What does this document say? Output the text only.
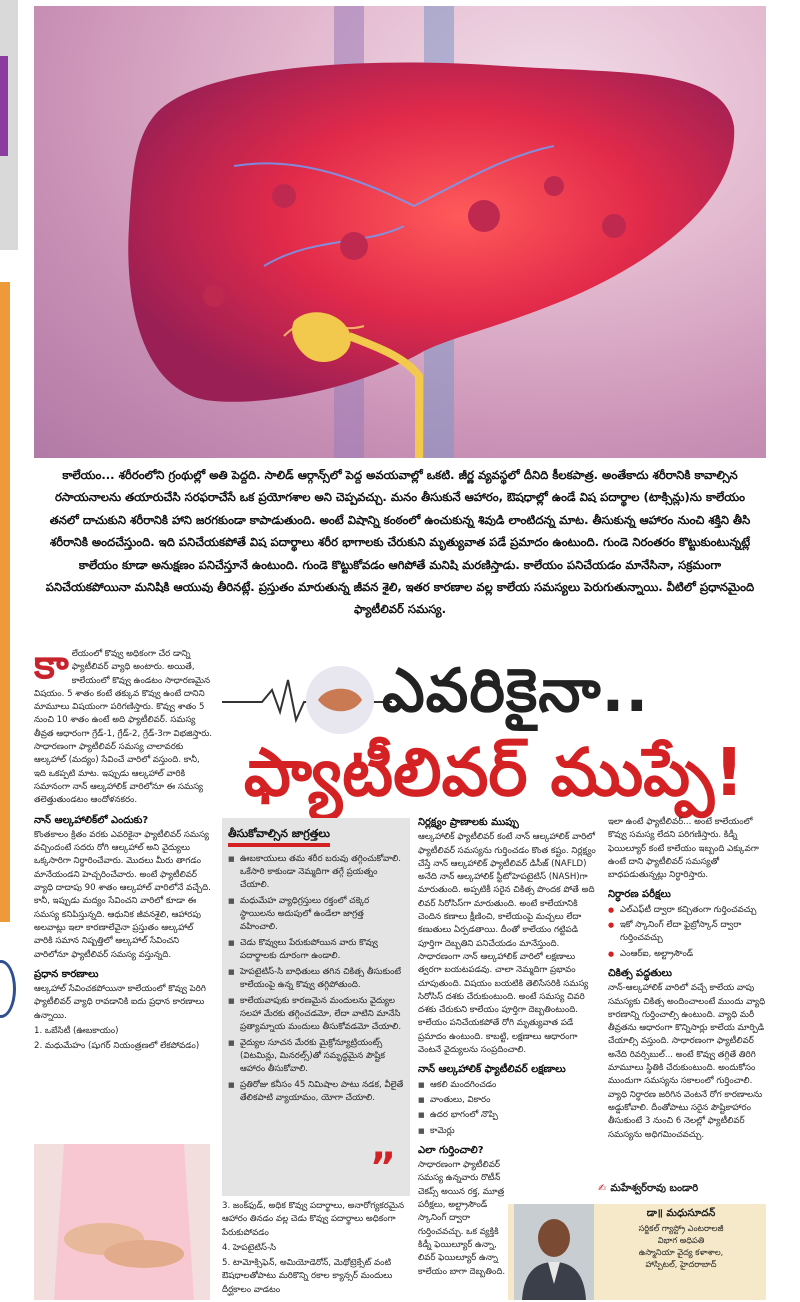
కాలేయం... శరీరంలోని గ్రంథుల్లో అతి పెద్దది. సాలిడ్ ఆర్గాన్స్‌లో పెద్ద అవయవాల్లో ఒకటి. జీర్ణ వ్యవస్థలో దీనిది కీలకపాత్ర. అంతేకాదు శరీరానికి కావాల్సిన రసాయనాలను తయారుచేసి సరఫరాచేసే ఒక ప్రయోగశాల అని చెప్పవచ్చు. మనం తీసుకునే ఆహారం, ఔషధాల్లో ఉండే విష పదార్థాల (టాక్సిన్లు)ను కాలేయం తనలో దాచుకుని శరీరానికి హాని జరగకుండా కాపాడుతుంది. అంటే విషాన్ని కంఠంలో ఉంచుకున్న శివుడి లాంటిదన్న మాట. తీసుకున్న ఆహారం నుంచి శక్తిని తీసి శరీరానికి అందచేస్తుంది. ఇది పనిచేయకపోతే విష పదార్థాలు శరీర భాగాలకు చేరుకుని మృత్యువాత పడే ప్రమాదం ఉంటుంది. గుండె నిరంతరం కొట్టుకుంటున్నట్లే కాలేయం కూడా అనుక్షణం పనిచేస్తూనే ఉంటుంది. గుండె కొట్టుకోవడం ఆగిపోతే మనిషి మరణిస్తాడు. కాలేయం పనిచేయడం మానేసినా, సక్రమంగా పనిచేయకపోయినా మనిషికి ఆయువు తీరినట్లే. ప్రస్తుతం మారుతున్న జీవన శైలి, ఇతర కారణాల వల్ల కాలేయ సమస్యలు పెరుగుతున్నాయి. వీటిలో ప్రధానమైంది ఫ్యాటీలివర్ సమస్య.

కాలేయంలో కొవ్వు అధికంగా చేర డాన్ని ఫ్యాటీలివర్ వ్యాధి అంటారు. అయితే, కాలేయంలో కొవ్వు ఉండటం సాధారణమైన విషయం. 5 శాతం కంటే తక్కువ కొవ్వు ఉంటే దానిని మామూలు విషయంగా పరిగణిస్తారు. కొవ్వు శాతం 5 నుంచి 10 శాతం ఉంటే అది ఫ్యాటీలివర్. సమస్య తీవ్రత ఆధారంగా గ్రేడ్-1, గ్రేడ్-2, గ్రేడ్-3గా విభజిస్తారు. సాధారణంగా ఫ్యాటీలివర్ సమస్య చాలావరకు ఆల్కహాల్ (మద్యం) సేవించే వారిలో వస్తుంది. కానీ, ఇది ఒకప్పటి మాట. ఇప్పుడు ఆల్కహాల్ వారికి సమానంగా నాన్ ఆల్కహాలిక్ వారిలోనూ ఈ సమస్య తలెత్తుతుండటం ఆందోళనకరం.

నాన్ ఆల్కహాలిక్‌లో ఎందుకు?

కొంతకాలం క్రితం వరకు ఎవరికైనా ఫ్యాటీలివర్ సమస్య వచ్చిందంటే సదరు రోగి ఆల్కహాల్ అని వైద్యులు ఒక్కసారిగా నిర్ధారించేవారు. మొదలు మీరు తాగడం మానేయండని హెచ్చరించేవారు. అంటే ఫ్యాటీలివర్ వ్యాధి దాదాపు 90 శాతం ఆల్కహాల్ వారిలోనే వచ్చేది. కానీ, ఇప్పుడు మద్యం సేవించని వారిలో కూడా ఈ సమస్య కనిపిస్తున్నది. ఆధునిక జీవనశైలి, ఆహారపు అలవాట్లు ఇలా కారణాలేవైనా ప్రస్తుతం ఆల్కహాల్ వారికి సమాన నిష్పత్తిలో ఆల్కహాల్ సేవించని వారిలోనూ ఫ్యాటీలివర్ సమస్య వస్తున్నది.

ప్రధాన కారణాలు

ఆల్కహాల్ సేవించకపోయినా కాలేయంలో కొవ్వు పెరిగి ఫ్యాటీలివర్ వ్యాధి రావడానికి ఐదు ప్రధాన కారణాలు ఉన్నాయి.

1. ఒబేసిటీ (ఊబకాయం)

2. మధుమేహం (షుగర్ నియంత్రణలో లేకపోవడం)

ఎవరికైనా..
ఫ్యాటీలివర్ ముప్పే!
తీసుకోవాల్సిన జాగ్రత్తలు
■ ఊబకాయులు తమ శరీర బరువు తగ్గించుకోవాలి. ఒకేసారి కాకుండా నెమ్మదిగా తగ్గే ప్రయత్నం చేయాలి.
■ మధుమేహ వ్యాధిగ్రస్తులు రక్తంలో చక్కెర స్థాయిలను అదుపులో ఉండేలా జాగ్రత్త వహించాలి.
■ చెడు కొవ్వులు పేరుకుపోయిన వారు కొవ్వు పదార్థాలకు దూరంగా ఉండాలి.
■ హెపటైటిస్-సి బాధితులు తగిన చికిత్స తీసుకుంటే కాలేయంపై ఉన్న కొవ్వు తగ్గిపోతుంది.
■ కాలేయవాపుకు కారణమైన మందులను వైద్యుల సలహా మేరకు తగ్గించడమో, లేదా వాటిని మానేసి ప్రత్యామ్నాయ మందులు తీసుకోవడమో చేయాలి.
■ వైద్యుల సూచన మేరకు మైక్రోన్యూట్రియంట్స్ (విటమిన్లు, మినరల్స్)తో సమృద్ధమైన పౌష్టిక ఆహారం తీసుకోవాలి.
■ ప్రతిరోజు కనీసం 45 నిమిషాల పాటు నడక, వీలైతే తేలికపాటి వ్యాయామం, యోగా చేయాలి.
”

3. జంక్‌ఫుడ్, అధిక కొవ్వు పదార్థాలు, అనారోగ్యకరమైన ఆహారం తినడం వల్ల చెడు కొవ్వు పదార్థాలు అధికంగా పేరుకుపోవడం

4. హెపటైటిస్-సి

5. టామోక్సిఫెన్, అమియోడెరోన్, మెథోట్రెక్సేట్ వంటి ఔషధాలతోపాటు మరికొన్ని రకాల క్యాన్సర్ మందులు దీర్ఘకాలం వాడటం

నిర్లక్ష్యం ప్రాణాలకు ముప్పు

ఆల్కహాలిక్ ఫ్యాటీలివర్ కంటే నాన్ ఆల్కహాలిక్ వారిలో ఫ్యాటీలివర్ సమస్యను గుర్తించడం కొంత కష్టం. నిర్లక్ష్యం చేస్తే నాన్ ఆల్కహాలిక్ ఫ్యాటీలివర్ డిసీజ్ (NAFLD) అనేది నాన్ ఆల్కహాలిక్ స్టీటోహెపటైటిస్ (NASH)గా మారుతుంది. అప్పటికీ సరైన చికిత్స పొందక పోతే అది లివర్ సిరోసిస్‌గా మారుతుంది. అంటే కాలేయానికి చెందిన కణాలు క్షీణించి, కాలేయంపై మచ్చలు లేదా కణుతులు ఏర్పడతాయి. దీంతో కాలేయం గట్టిపడి పూర్తిగా దెబ్బతిని పనిచేయడం మానేస్తుంది. సాధారణంగా నాన్ ఆల్కహాలిక్ వారిలో లక్షణాలు త్వరగా బయటపడవు. చాలా నెమ్మదిగా ప్రభావం చూపుతుంది. విషయం బయటికి తెలిసేసరికి సమస్య సిరోసిస్ దశకు చేరుకుంటుంది. అంటే సమస్య చివరి దశకు చేరుకుని కాలేయం పూర్తిగా దెబ్బతింటుంది. కాలేయం పనిచేయకపోతే రోగి మృత్యువాత పడే ప్రమాదం ఉంటుంది. కాబట్టి, లక్షణాలు ఆధారంగా వెంటనే వైద్యులను సంప్రదించాలి.

నాన్ ఆల్కహాలిక్ ఫ్యాటీలివర్ లక్షణాలు
■ ఆకలి మందగించడం
■ వాంతులు, వికారం
■ ఉదర భాగంలో నొప్పి
■ కామెర్లు
ఎలా గుర్తించాలి?

సాధారణంగా ఫ్యాటీలివర్ సమస్య ఉన్నవారు రొటీన్ చెకప్స్ అయిన రక్త, మూత్ర పరీక్షలు, అల్ట్రాసౌండ్ స్కానింగ్ ద్వారా గుర్తించవచ్చు. ఒక వ్యక్తికి కిడ్నీ ఫెయిల్యూర్ ఉన్నా, లివర్ ఫెయిల్యూర్ ఉన్నా కాలేయం బాగా దెబ్బతింది.

ఇలా ఉంటే ఫ్యాటీలివర్... అంటే కాలేయంలో కొవ్వు సమస్య లేదని పరిగణిస్తారు. కిడ్నీ ఫెయిల్యూర్ కంటే కాలేయం ఇబ్బంది ఎక్కువగా ఉంటే దాని ఫ్యాటీలివర్ సమస్యతో బాధపడుతున్నట్లు నిర్ధారిస్తారు.

నిర్ధారణ పరీక్షలు
● ఎల్ఎఫ్‌టీ ద్వారా కచ్చితంగా గుర్తించవచ్చు
● ఇకో స్కానింగ్ లేదా ఫైబ్రోస్కాన్ ద్వారా గుర్తించవచ్చు
● ఎంఆర్ఐ, అల్ట్రాసౌండ్
చికిత్స పద్ధతులు

నాన్-ఆల్కహాలిక్ వారిలో వచ్చే కాలేయ వాపు సమస్యకు చికిత్స అందించాలంటే ముందు వ్యాధి కారణాన్ని గుర్తించాల్సి ఉంటుంది. వ్యాధి మరీ తీవ్రతను ఆధారంగా కొన్నిసార్లు కాలేయ మార్పిడి చేయాల్సి వస్తుంది. సాధారణంగా ఫ్యాటీలివర్ అనేది రివర్సిబుల్... అంటే కొవ్వు తగ్గితే తిరిగి మామూలు స్థితికి చేరుకుంటుంది. అందుకోసం ముందుగా సమస్యను సకాలంలో గుర్తించాలి. వ్యాధి నిర్ధారణ జరిగిన వెంటనే రోగ కారణాలను అడ్డుకోవాలి. దీంతోపాటు సరైన పౌష్టికాహారం తీసుకుంటే 3 నుంచి 6 నెలల్లో ఫ్యాటీలివర్ సమస్యను అధిగమించవచ్చు.

✍ మహేశ్వర్‌రావు బండారి
డా॥ మధుసూదన్
సర్జికల్ గ్యాస్ట్రో ఎంటరాలజీ
విభాగ అధిపతి
ఉస్మానియా వైద్య కళాశాల,
హాస్పిటల్, హైదరాబాద్
